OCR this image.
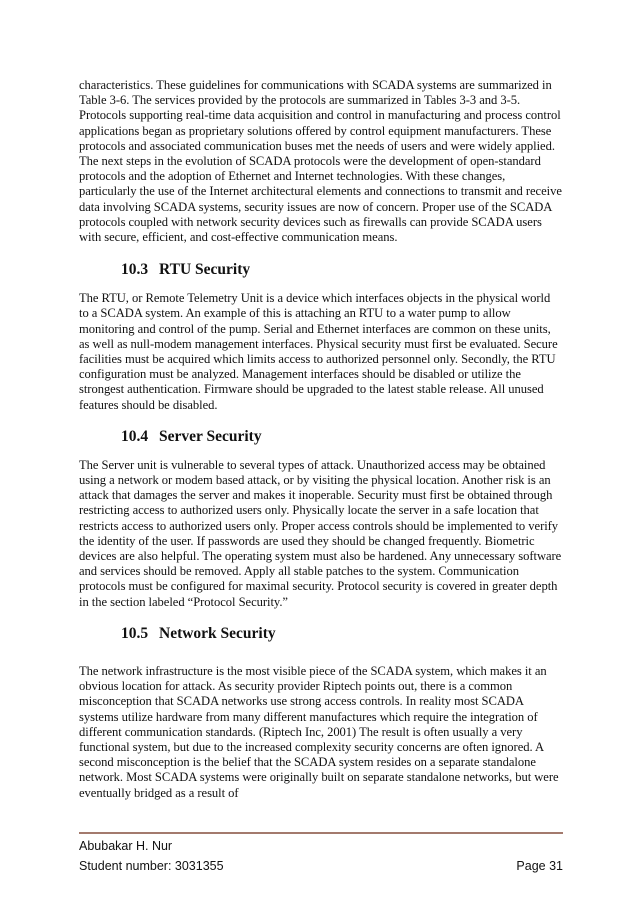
characteristics. These guidelines for communications with SCADA systems are summarized in Table 3-6. The services provided by the protocols are summarized in Tables 3-3 and 3-5. Protocols supporting real-time data acquisition and control in manufacturing and process control applications began as proprietary solutions offered by control equipment manufacturers. These protocols and associated communication buses met the needs of users and were widely applied. The next steps in the evolution of SCADA protocols were the development of open-standard protocols and the adoption of Ethernet and Internet technologies. With these changes, particularly the use of the Internet architectural elements and connections to transmit and receive data involving SCADA systems, security issues are now of concern. Proper use of the SCADA protocols coupled with network security devices such as firewalls can provide SCADA users with secure, efficient, and cost-effective communication means.

10.3 RTU Security

The RTU, or Remote Telemetry Unit is a device which interfaces objects in the physical world to a SCADA system. An example of this is attaching an RTU to a water pump to allow monitoring and control of the pump. Serial and Ethernet interfaces are common on these units, as well as null-modem management interfaces. Physical security must first be evaluated. Secure facilities must be acquired which limits access to authorized personnel only. Secondly, the RTU configuration must be analyzed. Management interfaces should be disabled or utilize the strongest authentication. Firmware should be upgraded to the latest stable release. All unused features should be disabled.

10.4 Server Security

The Server unit is vulnerable to several types of attack. Unauthorized access may be obtained using a network or modem based attack, or by visiting the physical location. Another risk is an attack that damages the server and makes it inoperable. Security must first be obtained through restricting access to authorized users only. Physically locate the server in a safe location that restricts access to authorized users only. Proper access controls should be implemented to verify the identity of the user. If passwords are used they should be changed frequently. Biometric devices are also helpful. The operating system must also be hardened. Any unnecessary software and services should be removed. Apply all stable patches to the system. Communication protocols must be configured for maximal security. Protocol security is covered in greater depth in the section labeled “Protocol Security.”

10.5 Network Security

The network infrastructure is the most visible piece of the SCADA system, which makes it an obvious location for attack. As security provider Riptech points out, there is a common misconception that SCADA networks use strong access controls. In reality most SCADA systems utilize hardware from many different manufactures which require the integration of different communication standards. (Riptech Inc, 2001) The result is often usually a very functional system, but due to the increased complexity security concerns are often ignored. A second misconception is the belief that the SCADA system resides on a separate standalone network. Most SCADA systems were originally built on separate standalone networks, but were eventually bridged as a result of

Abubakar H. Nur
Student number: 3031355	Page 31
